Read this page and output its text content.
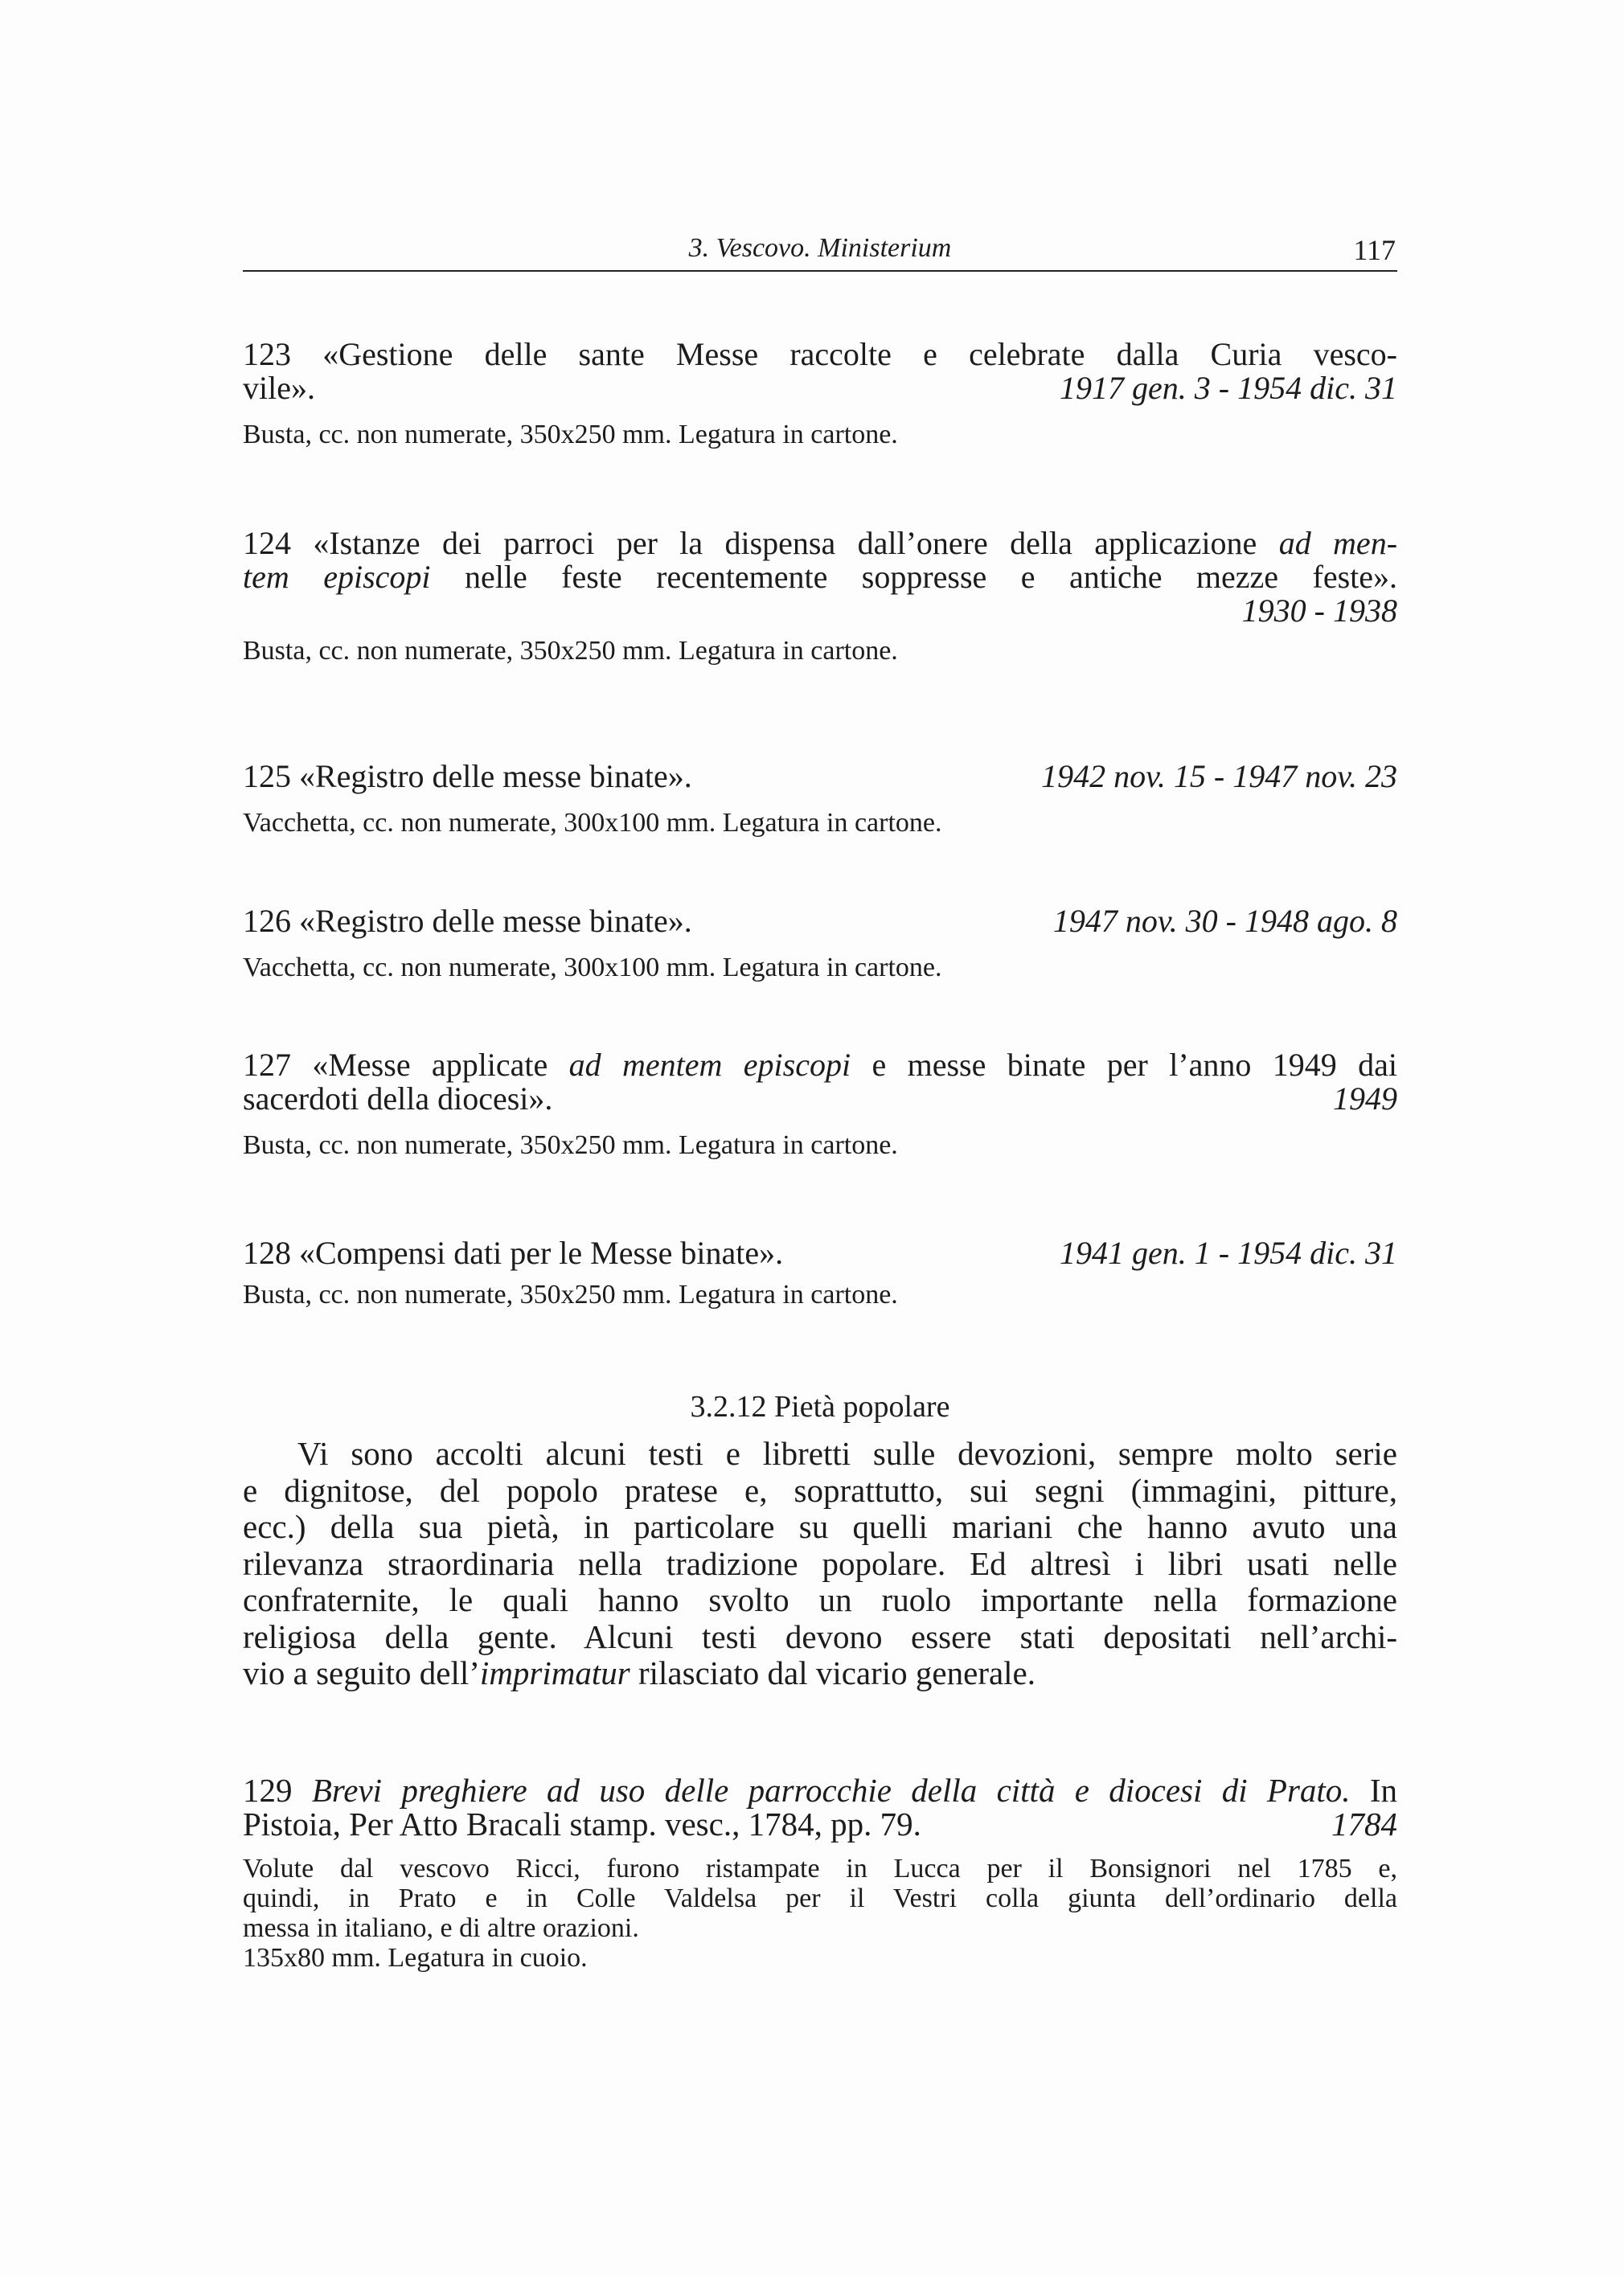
3. Vescovo. Ministerium	117
123 «Gestione delle sante Messe raccolte e celebrate dalla Curia vesco-
vile».	1917 gen. 3 - 1954 dic. 31
Busta, cc. non numerate, 350x250 mm. Legatura in cartone.
124 «Istanze dei parroci per la dispensa dall’onere della applicazione ad men-
tem episcopi nelle feste recentemente soppresse e antiche mezze feste».
1930 - 1938
Busta, cc. non numerate, 350x250 mm. Legatura in cartone.
125 «Registro delle messe binate».	1942 nov. 15 - 1947 nov. 23
Vacchetta, cc. non numerate, 300x100 mm. Legatura in cartone.
126 «Registro delle messe binate».	1947 nov. 30 - 1948 ago. 8
Vacchetta, cc. non numerate, 300x100 mm. Legatura in cartone.
127 «Messe applicate ad mentem episcopi e messe binate per l’anno 1949 dai
sacerdoti della diocesi».	1949
Busta, cc. non numerate, 350x250 mm. Legatura in cartone.
128 «Compensi dati per le Messe binate».	1941 gen. 1 - 1954 dic. 31
Busta, cc. non numerate, 350x250 mm. Legatura in cartone.
3.2.12 Pietà popolare
Vi sono accolti alcuni testi e libretti sulle devozioni, sempre molto serie
e dignitose, del popolo pratese e, soprattutto, sui segni (immagini, pitture,
ecc.) della sua pietà, in particolare su quelli mariani che hanno avuto una
rilevanza straordinaria nella tradizione popolare. Ed altresì i libri usati nelle
confraternite, le quali hanno svolto un ruolo importante nella formazione
religiosa della gente. Alcuni testi devono essere stati depositati nell’archi-
vio a seguito dell’imprimatur rilasciato dal vicario generale.
129 Brevi preghiere ad uso delle parrocchie della città e diocesi di Prato. In
Pistoia, Per Atto Bracali stamp. vesc., 1784, pp. 79.	1784
Volute dal vescovo Ricci, furono ristampate in Lucca per il Bonsignori nel 1785 e,
quindi, in Prato e in Colle Valdelsa per il Vestri colla giunta dell’ordinario della
messa in italiano, e di altre orazioni.
135x80 mm. Legatura in cuoio.
